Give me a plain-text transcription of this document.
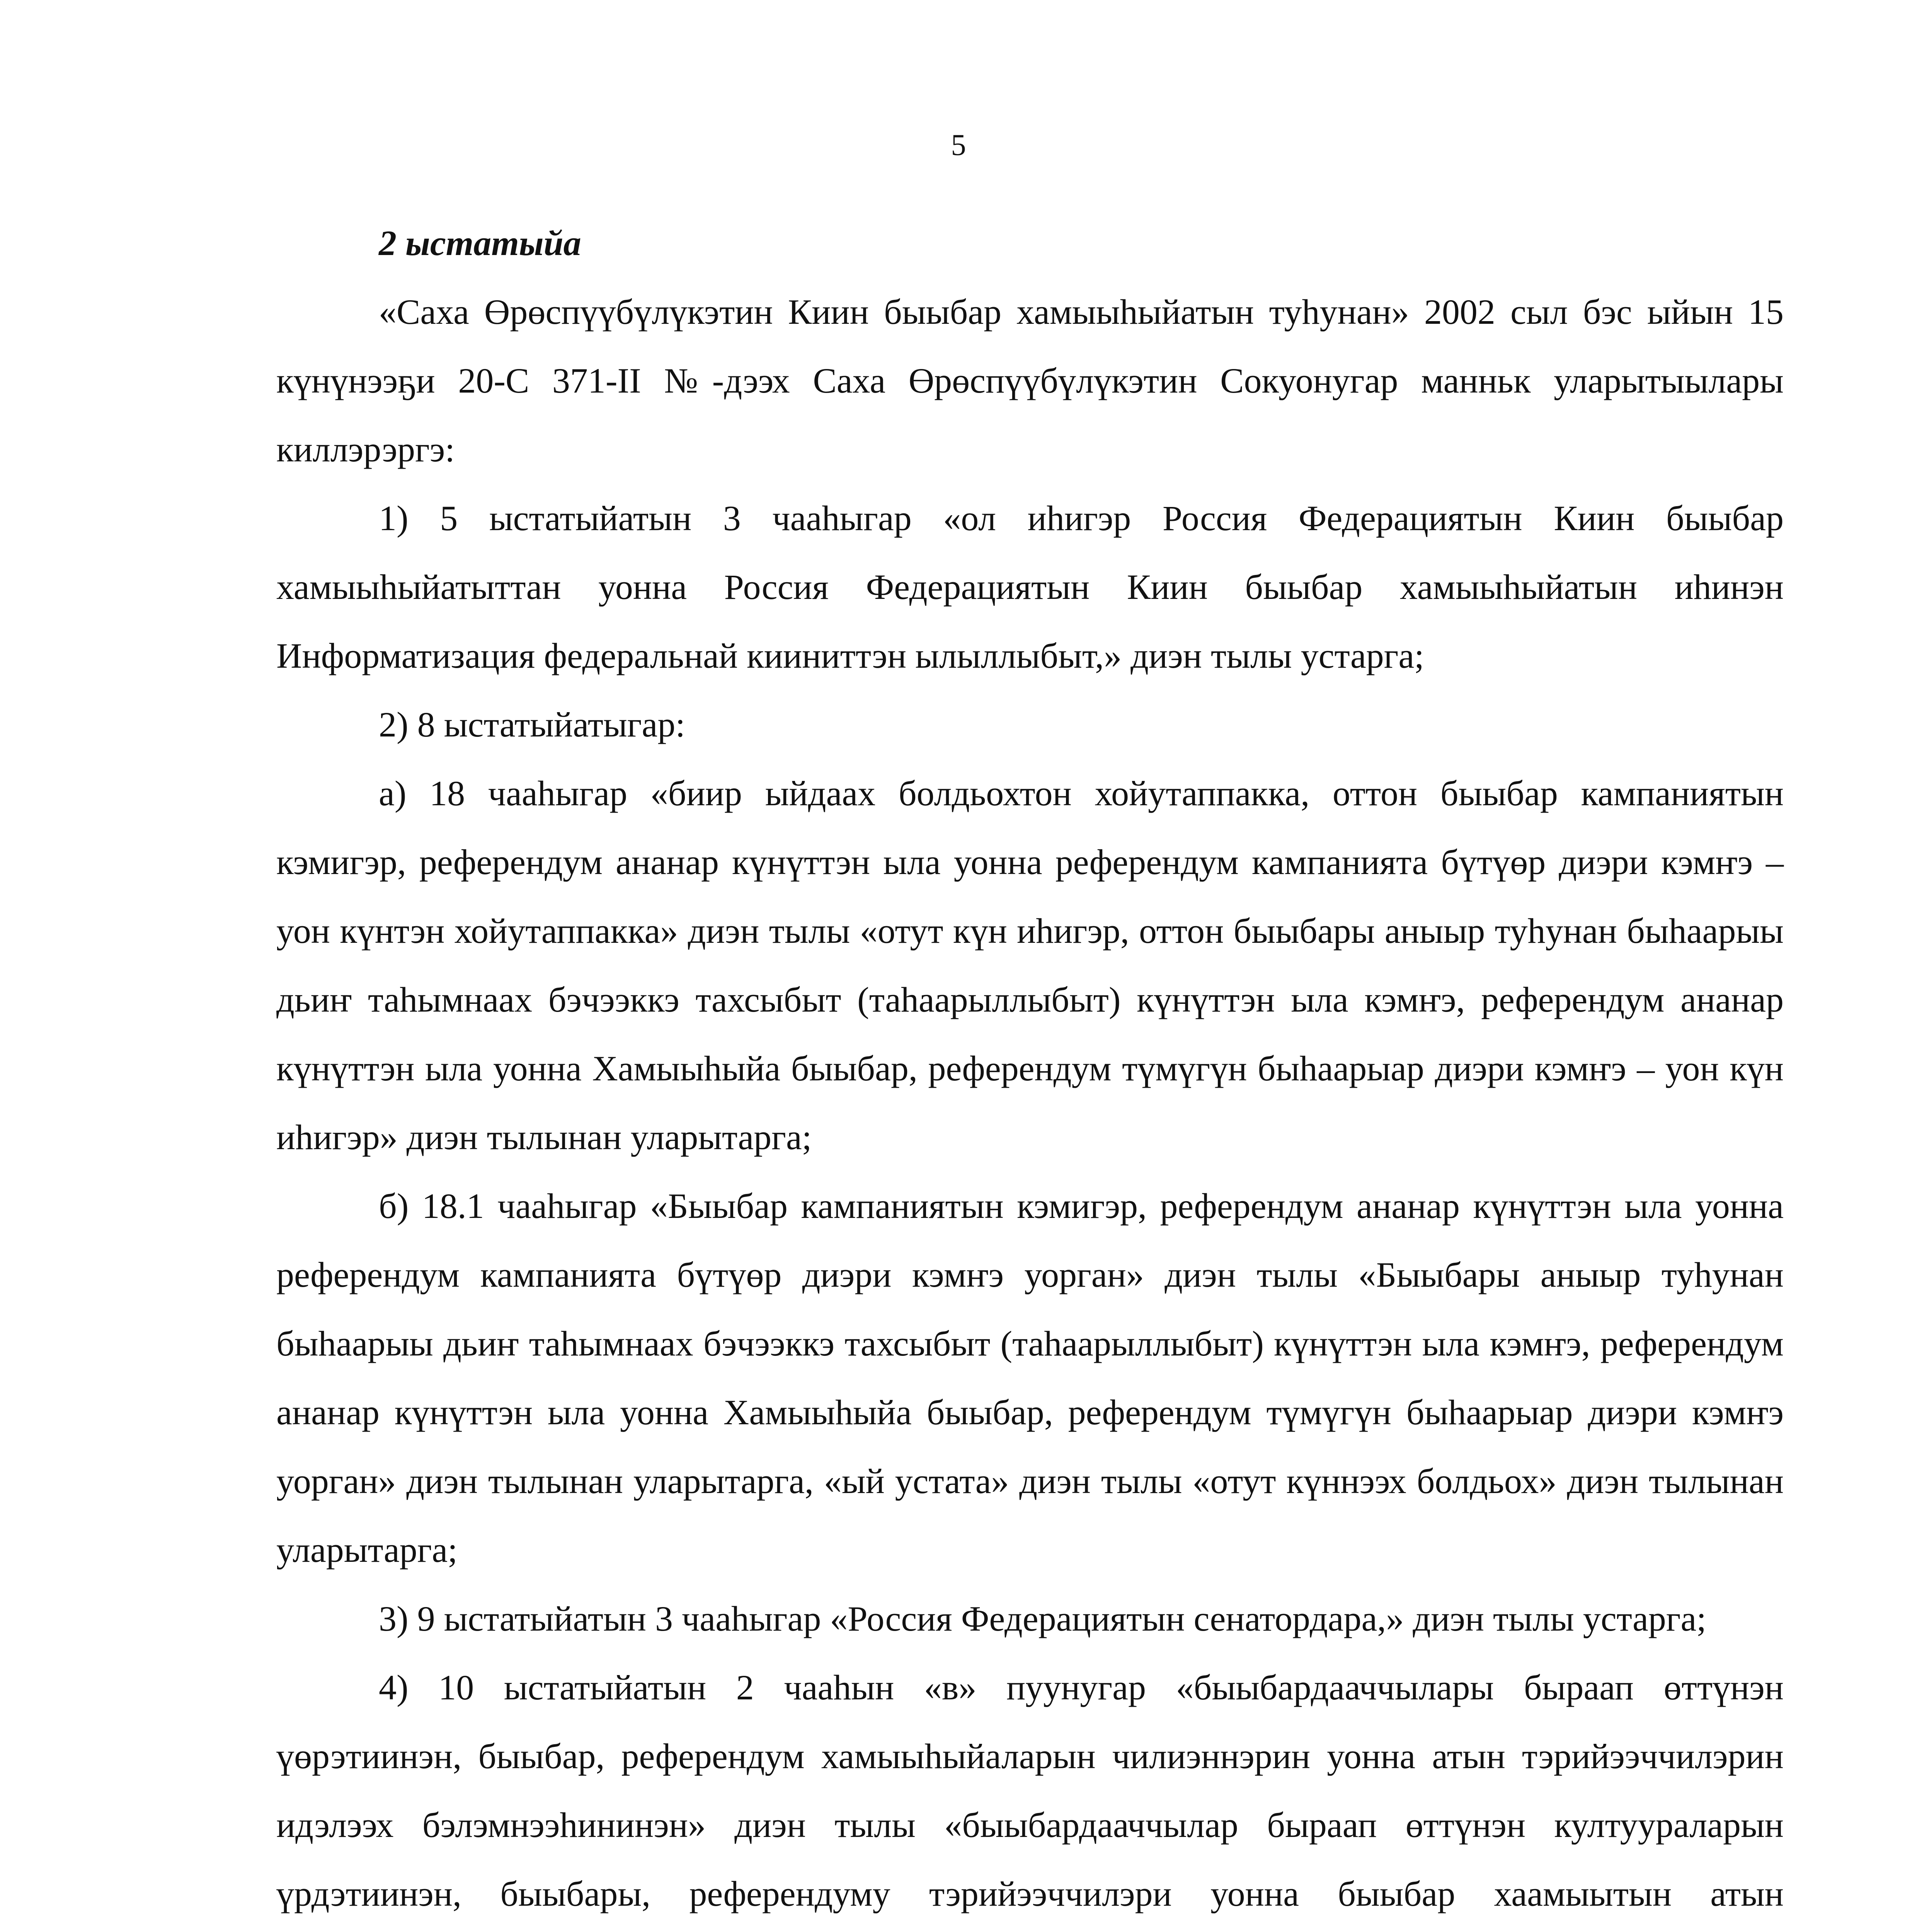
5

2 ыстатыйа

«Саха Өрөспүүбүлүкэтин Киин быыбар хамыыһыйатын туһунан» 2002 сыл бэс ыйын 15 күнүнээҕи 20-С 371-II №-дээх Саха Өрөспүүбүлүкэтин Сокуонугар манньк уларытыылары киллэрэргэ:

1) 5 ыстатыйатын 3 чааһыгар «ол иһигэр Россия Федерациятын Киин быыбар хамыыһыйатыттан уонна Россия Федерациятын Киин быыбар хамыыһыйатын иһинэн Информатизация федеральнай кииниттэн ылыллыбыт,» диэн тылы устарга;

2) 8 ыстатыйатыгар:

а) 18 чааһыгар «биир ыйдаах болдьохтон хойутаппакка, оттон быыбар кампаниятын кэмигэр, референдум ананар күнүттэн ыла уонна референдум кампанията бүтүөр диэри кэмҥэ – уон күнтэн хойутаппакка» диэн тылы «отут күн иһигэр, оттон быыбары аныыр туһунан быһаарыы дьиҥ таһымнаах бэчээккэ тахсыбыт (таһаарыллыбыт) күнүттэн ыла кэмҥэ, референдум ананар күнүттэн ыла уонна Хамыыһыйа быыбар, референдум түмүгүн быһаарыар диэри кэмҥэ – уон күн иһигэр» диэн тылынан уларытарга;

б) 18.1 чааһыгар «Быыбар кампаниятын кэмигэр, референдум ананар күнүттэн ыла уонна референдум кампанията бүтүөр диэри кэмҥэ уорган» диэн тылы «Быыбары аныыр туһунан быһаарыы дьиҥ таһымнаах бэчээккэ тахсыбыт (таһаарыллыбыт) күнүттэн ыла кэмҥэ, референдум ананар күнүттэн ыла уонна Хамыыһыйа быыбар, референдум түмүгүн быһаарыар диэри кэмҥэ уорган» диэн тылынан уларытарга, «ый устата» диэн тылы «отут күннээх болдьох» диэн тылынан уларытарга;

3) 9 ыстатыйатын 3 чааһыгар «Россия Федерациятын сенатордара,» диэн тылы устарга;

4) 10 ыстатыйатын 2 чааһын «в» пуунугар «быыбардааччылары быраап өттүнэн үөрэтиинэн, быыбар, референдум хамыыһыйаларын чилиэннэрин уонна атын тэрийээччилэрин идэлээх бэлэмнээһининэн» диэн тылы «быыбардааччылар быраап өттүнэн култуураларын үрдэтиинэн, быыбары, референдуму тэрийээччилэри уонна быыбар хаамыытын атын
